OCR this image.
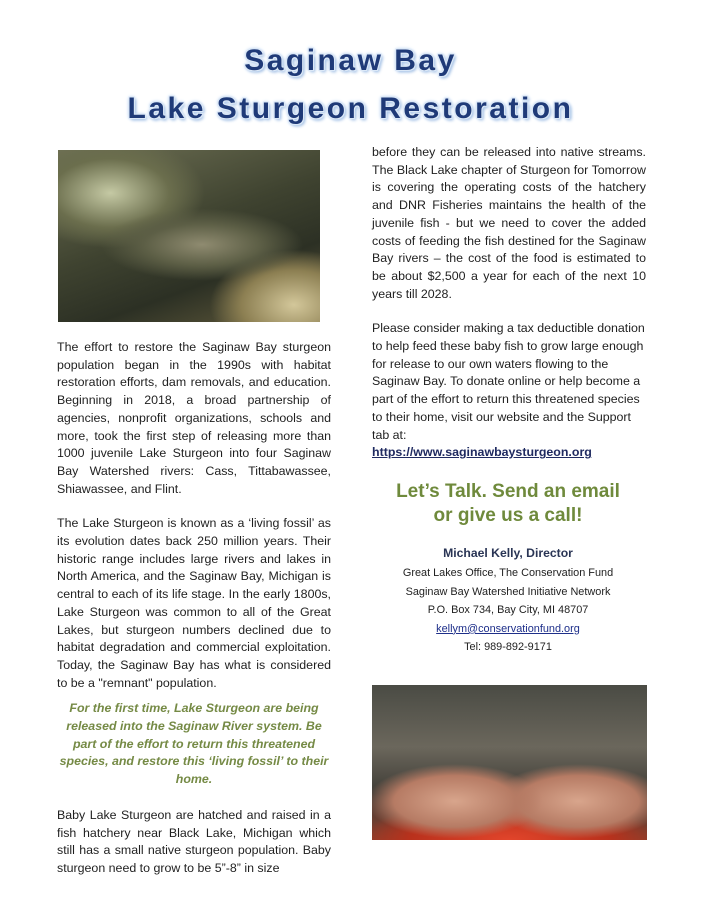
Saginaw Bay
Lake Sturgeon Restoration

The effort to restore the Saginaw Bay sturgeon population began in the 1990s with habitat restoration efforts, dam removals, and education. Beginning in 2018, a broad partnership of agencies, nonprofit organizations, schools and more, took the first step of releasing more than 1000 juvenile Lake Sturgeon into four Saginaw Bay Watershed rivers: Cass, Tittabawassee, Shiawassee, and Flint.

The Lake Sturgeon is known as a ‘living fossil’ as its evolution dates back 250 million years. Their historic range includes large rivers and lakes in North America, and the Saginaw Bay, Michigan is central to each of its life stage. In the early 1800s, Lake Sturgeon was common to all of the Great Lakes, but sturgeon numbers declined due to habitat degradation and commercial exploitation. Today, the Saginaw Bay has what is considered to be a "remnant" population.

For the first time, Lake Sturgeon are being released into the Saginaw River system. Be part of the effort to return this threatened species, and restore this ‘living fossil’ to their home.

Baby Lake Sturgeon are hatched and raised in a fish hatchery near Black Lake, Michigan which still has a small native sturgeon population. Baby sturgeon need to grow to be 5”-8” in size

before they can be released into native streams. The Black Lake chapter of Sturgeon for Tomorrow is covering the operating costs of the hatchery and DNR Fisheries maintains the health of the juvenile fish - but we need to cover the added costs of feeding the fish destined for the Saginaw Bay rivers – the cost of the food is estimated to be about $2,500 a year for each of the next 10 years till 2028.

Please consider making a tax deductible donation to help feed these baby fish to grow large enough for release to our own waters flowing to the Saginaw Bay. To donate online or help become a part of the effort to return this threatened species to their home, visit our website and the Support tab at:

https://www.saginawbaysturgeon.org
Let’s Talk. Send an email
or give us a call!
Michael Kelly, Director
Great Lakes Office, The Conservation Fund
Saginaw Bay Watershed Initiative Network
P.O. Box 734, Bay City, MI 48707
kellym@conservationfund.org
Tel: 989-892-9171
